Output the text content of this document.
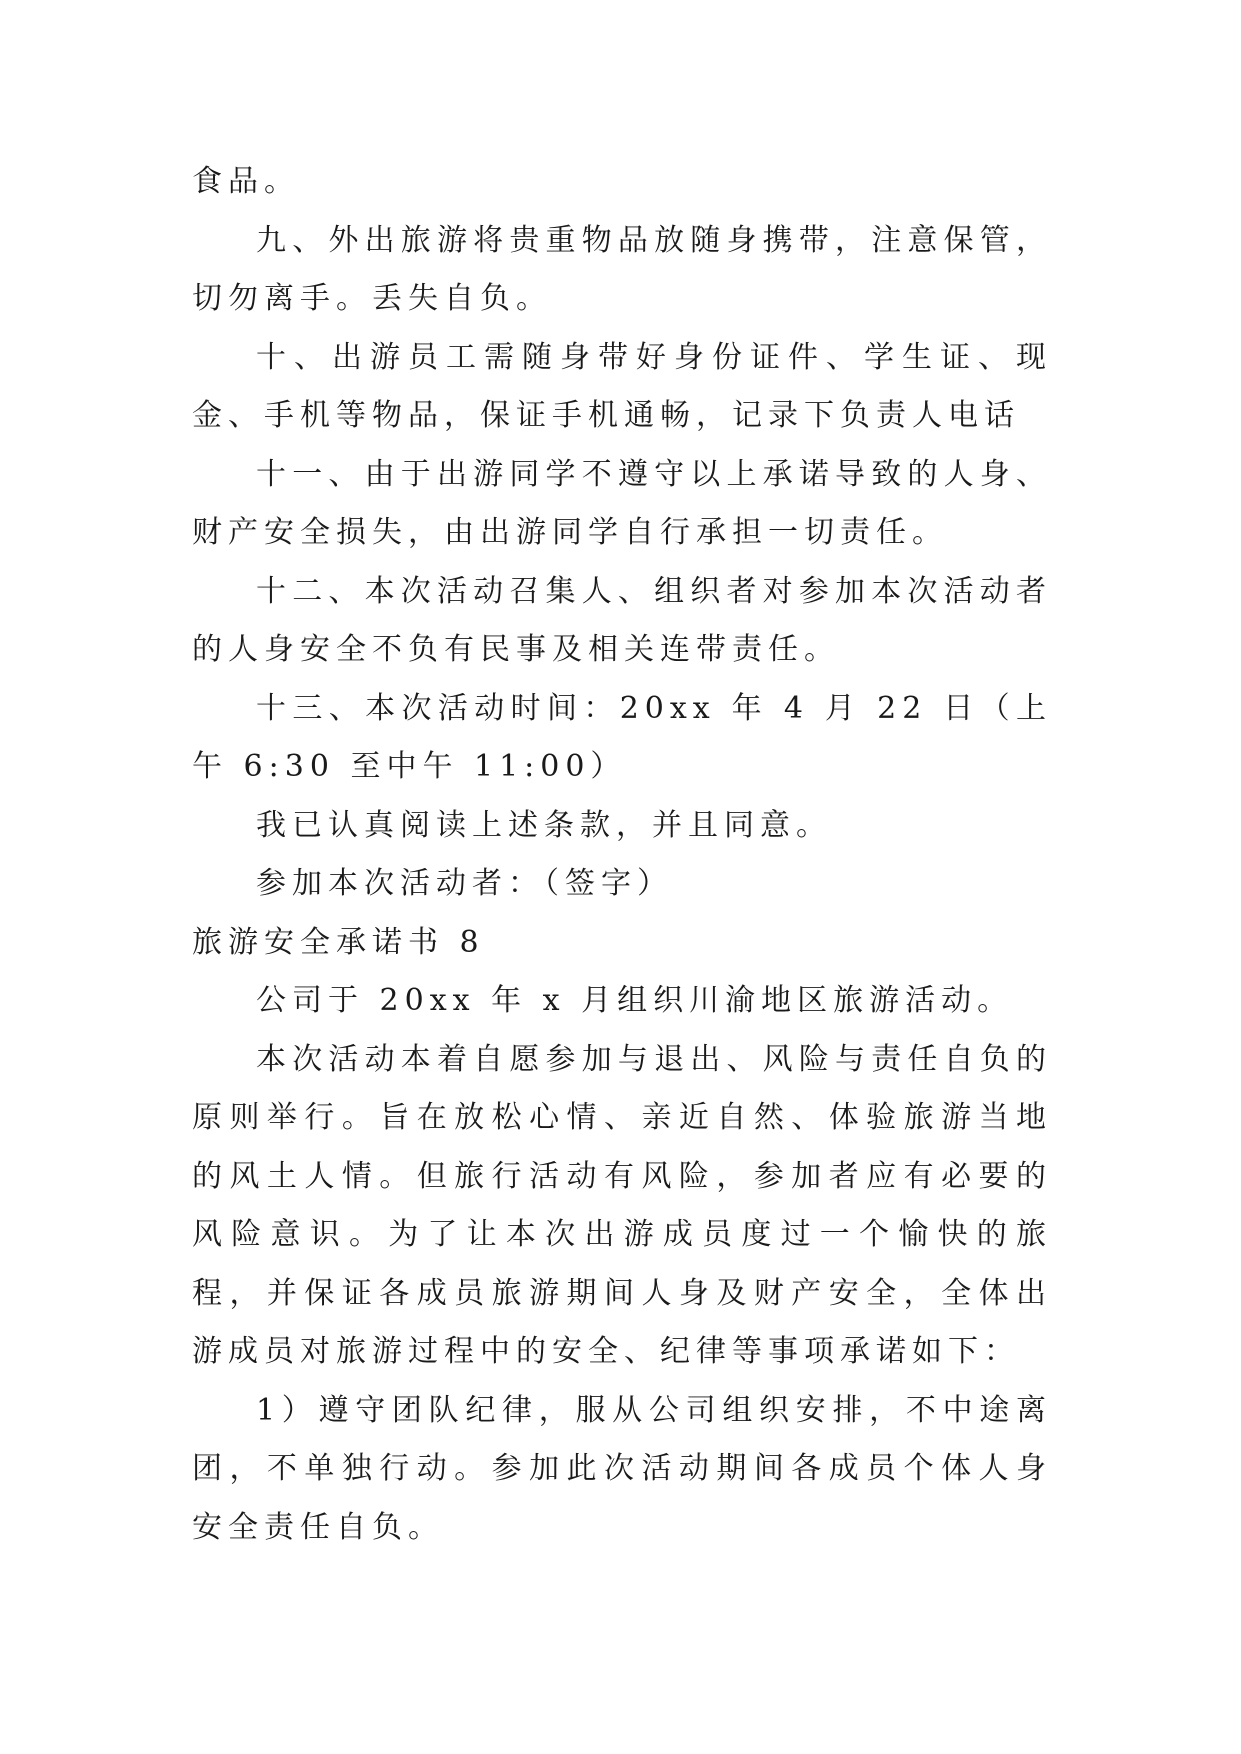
食品。

九、外出旅游将贵重物品放随身携带，注意保管，切勿离手。丢失自负。

十、出游员工需随身带好身份证件、学生证、现金、手机等物品，保证手机通畅，记录下负责人电话

十一、由于出游同学不遵守以上承诺导致的人身、财产安全损失，由出游同学自行承担一切责任。

十二、本次活动召集人、组织者对参加本次活动者的人身安全不负有民事及相关连带责任。

十三、本次活动时间：20xx 年 4 月 22 日（上午 6:30 至中午 11:00）

我已认真阅读上述条款，并且同意。

参加本次活动者：（签字）

旅游安全承诺书 8

公司于 20xx 年 x 月组织川渝地区旅游活动。

本次活动本着自愿参加与退出、风险与责任自负的原则举行。旨在放松心情、亲近自然、体验旅游当地的风土人情。但旅行活动有风险，参加者应有必要的风险意识。为了让本次出游成员度过一个愉快的旅程，并保证各成员旅游期间人身及财产安全，全体出游成员对旅游过程中的安全、纪律等事项承诺如下：

1）遵守团队纪律，服从公司组织安排，不中途离团，不单独行动。参加此次活动期间各成员个体人身安全责任自负。
